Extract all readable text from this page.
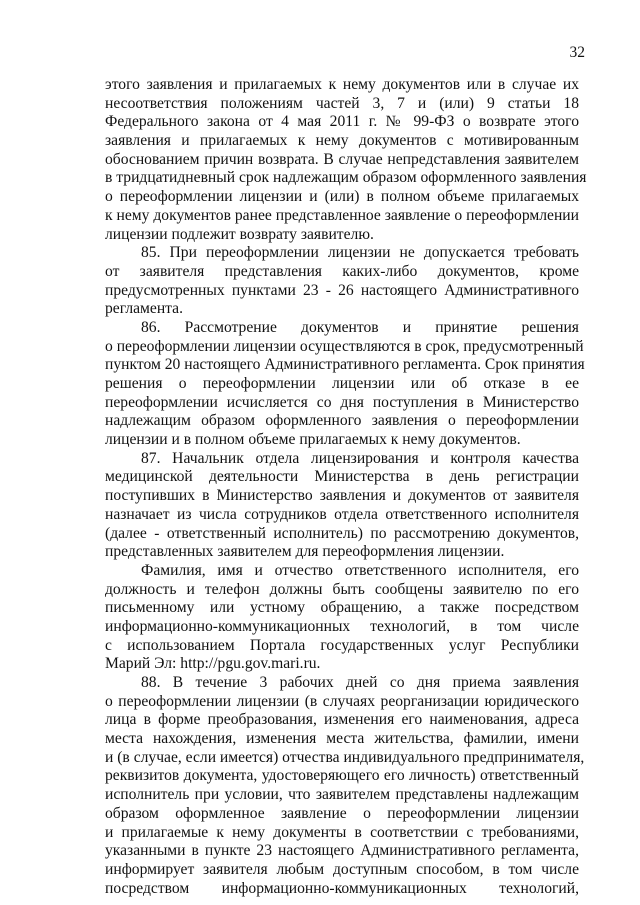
32
этого заявления и прилагаемых к нему документов или в случае их
несоответствия положениям частей 3, 7 и (или) 9 статьи 18
Федерального закона от 4 мая 2011 г. № 99-ФЗ о возврате этого
заявления и прилагаемых к нему документов с мотивированным
обоснованием причин возврата. В случае непредставления заявителем
в тридцатидневный срок надлежащим образом оформленного заявления
о переоформлении лицензии и (или) в полном объеме прилагаемых
к нему документов ранее представленное заявление о переоформлении
лицензии подлежит возврату заявителю.
85. При переоформлении лицензии не допускается требовать
от заявителя представления каких-либо документов, кроме
предусмотренных пунктами 23 - 26 настоящего Административного
регламента.
86. Рассмотрение документов и принятие решения
о переоформлении лицензии осуществляются в срок, предусмотренный
пунктом 20 настоящего Административного регламента. Срок принятия
решения о переоформлении лицензии или об отказе в ее
переоформлении исчисляется со дня поступления в Министерство
надлежащим образом оформленного заявления о переоформлении
лицензии и в полном объеме прилагаемых к нему документов.
87. Начальник отдела лицензирования и контроля качества
медицинской деятельности Министерства в день регистрации
поступивших в Министерство заявления и документов от заявителя
назначает из числа сотрудников отдела ответственного исполнителя
(далее - ответственный исполнитель) по рассмотрению документов,
представленных заявителем для переоформления лицензии.
Фамилия, имя и отчество ответственного исполнителя, его
должность и телефон должны быть сообщены заявителю по его
письменному или устному обращению, а также посредством
информационно-коммуникационных технологий, в том числе
с использованием Портала государственных услуг Республики
Марий Эл: http://pgu.gov.mari.ru.
88. В течение 3 рабочих дней со дня приема заявления
о переоформлении лицензии (в случаях реорганизации юридического
лица в форме преобразования, изменения его наименования, адреса
места нахождения, изменения места жительства, фамилии, имени
и (в случае, если имеется) отчества индивидуального предпринимателя,
реквизитов документа, удостоверяющего его личность) ответственный
исполнитель при условии, что заявителем представлены надлежащим
образом оформленное заявление о переоформлении лицензии
и прилагаемые к нему документы в соответствии с требованиями,
указанными в пункте 23 настоящего Административного регламента,
информирует заявителя любым доступным способом, в том числе
посредством информационно-коммуникационных технологий,
